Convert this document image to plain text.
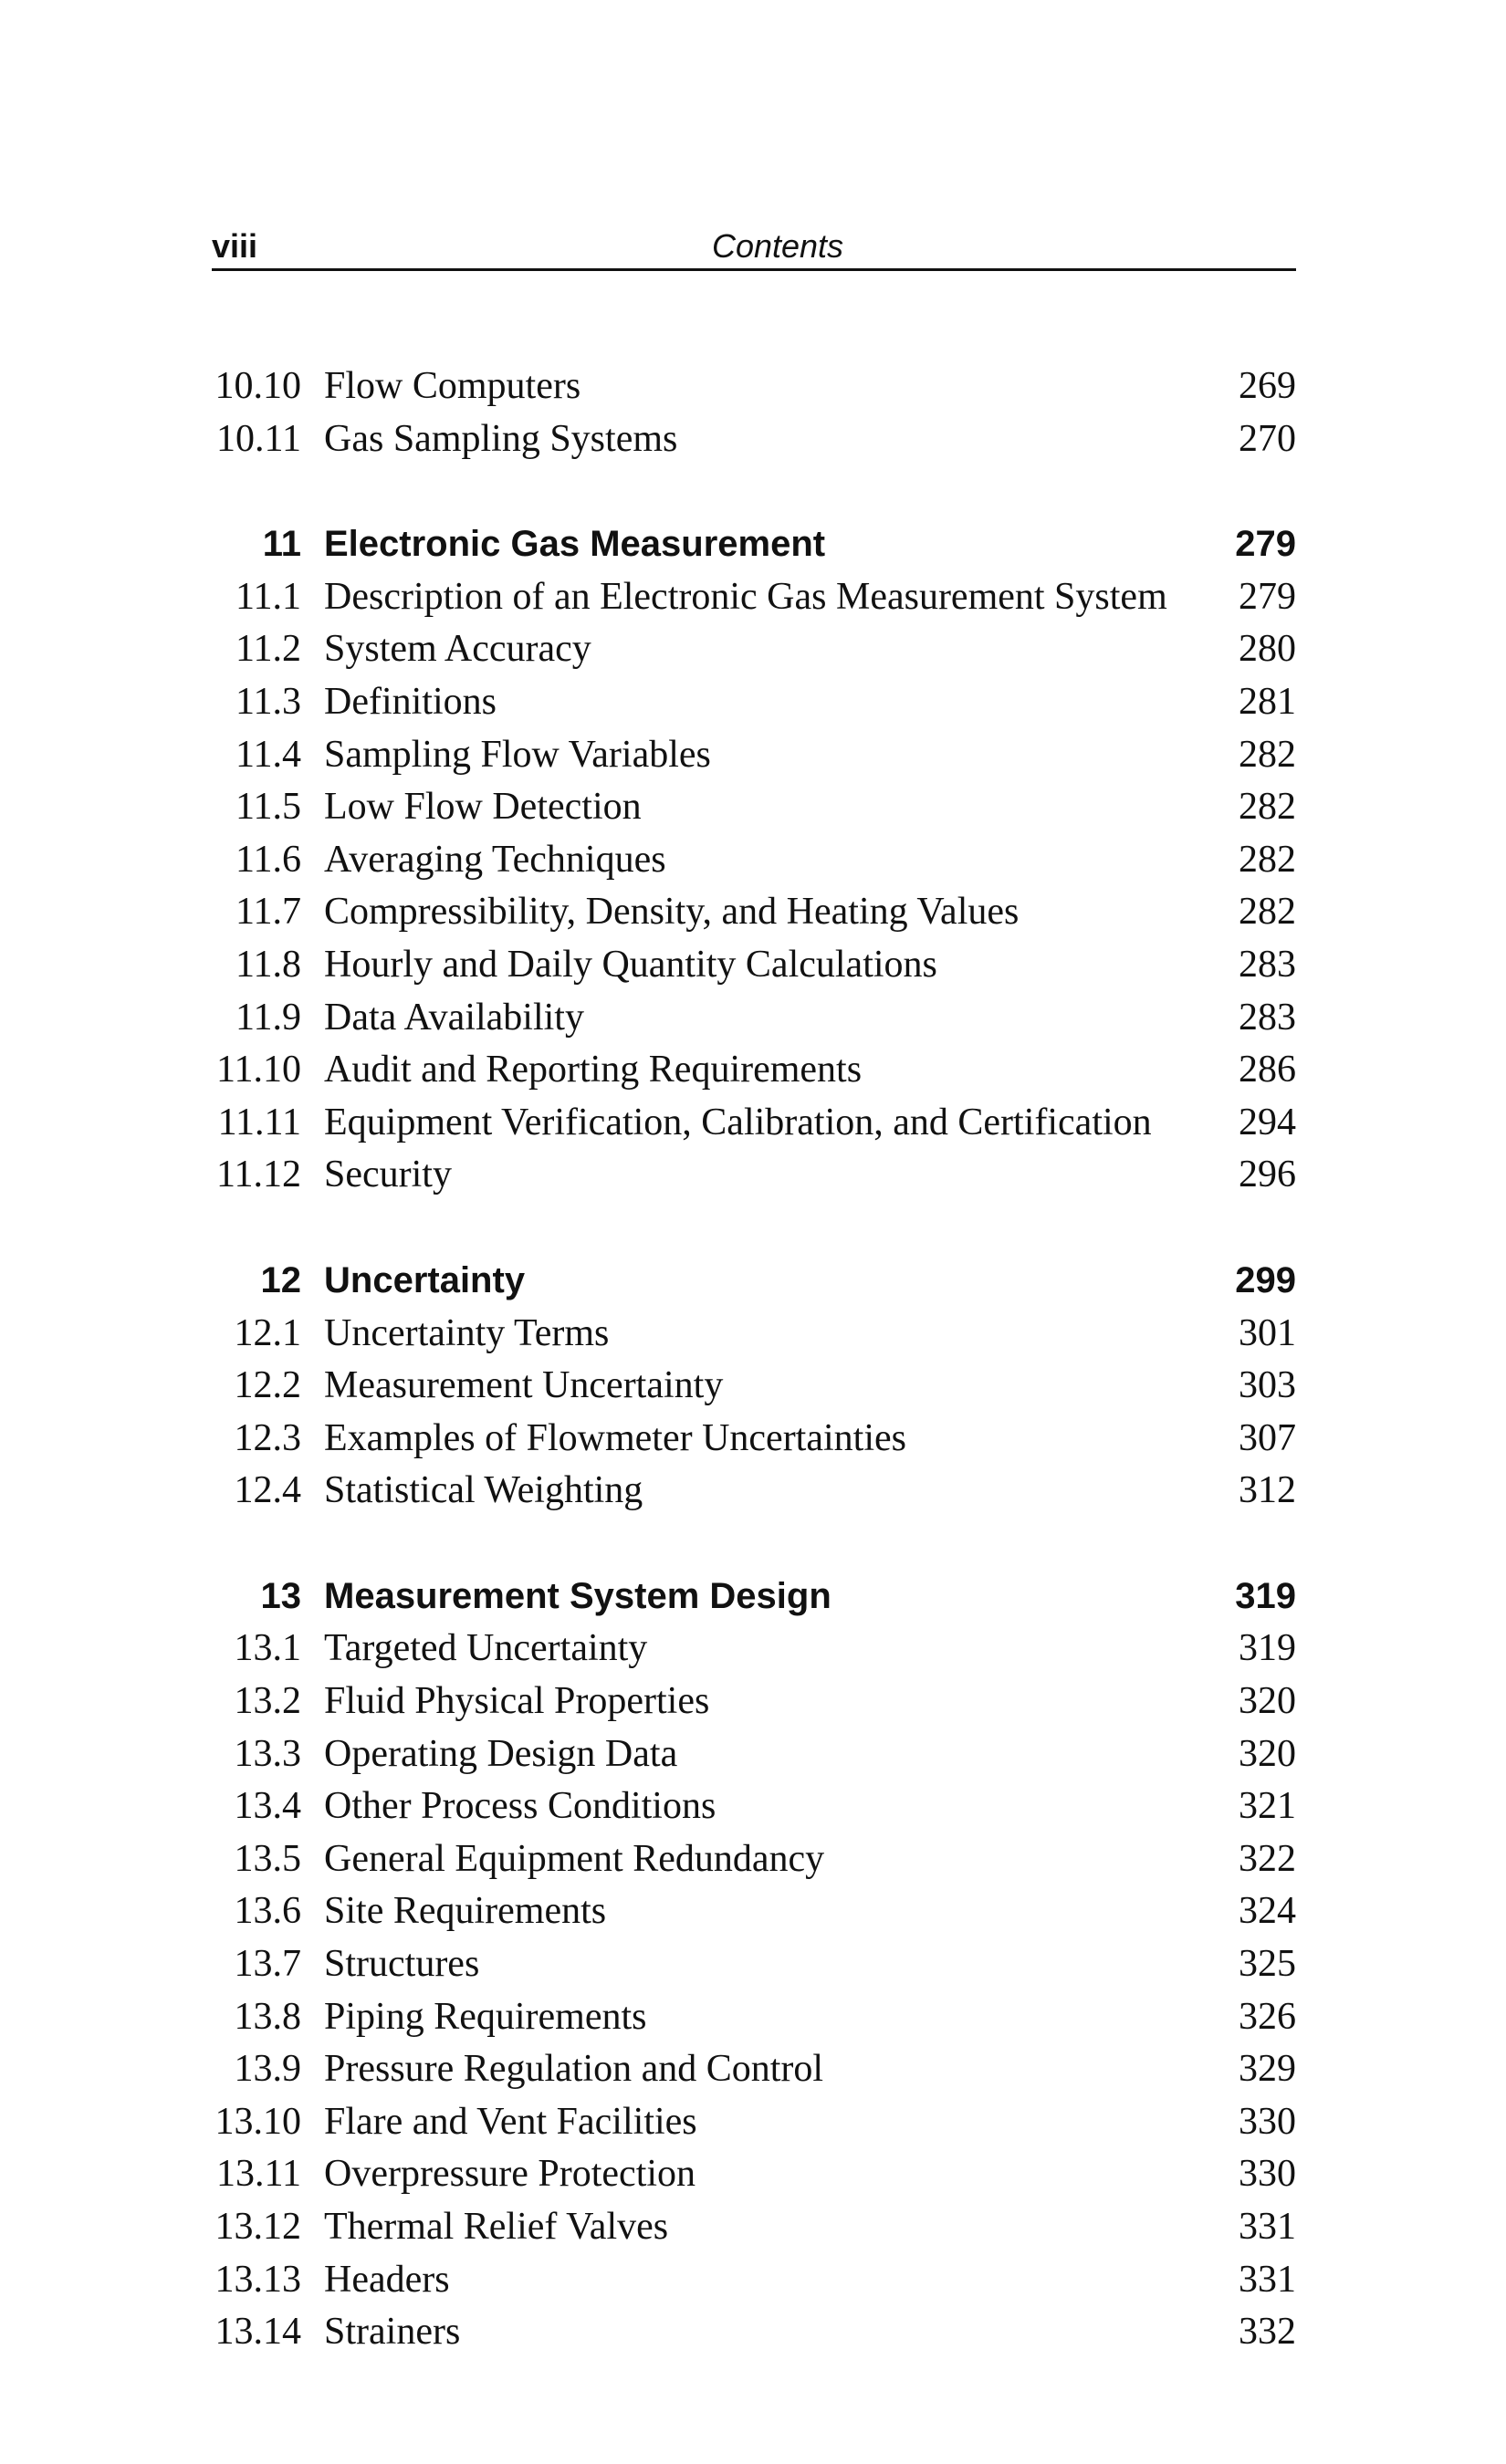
viii	Contents
10.10 Flow Computers	269
10.11 Gas Sampling Systems	270
11 Electronic Gas Measurement	279
11.1 Description of an Electronic Gas Measurement System	279
11.2 System Accuracy	280
11.3 Definitions	281
11.4 Sampling Flow Variables	282
11.5 Low Flow Detection	282
11.6 Averaging Techniques	282
11.7 Compressibility, Density, and Heating Values	282
11.8 Hourly and Daily Quantity Calculations	283
11.9 Data Availability	283
11.10 Audit and Reporting Requirements	286
11.11 Equipment Verification, Calibration, and Certification	294
11.12 Security	296
12 Uncertainty	299
12.1 Uncertainty Terms	301
12.2 Measurement Uncertainty	303
12.3 Examples of Flowmeter Uncertainties	307
12.4 Statistical Weighting	312
13 Measurement System Design	319
13.1 Targeted Uncertainty	319
13.2 Fluid Physical Properties	320
13.3 Operating Design Data	320
13.4 Other Process Conditions	321
13.5 General Equipment Redundancy	322
13.6 Site Requirements	324
13.7 Structures	325
13.8 Piping Requirements	326
13.9 Pressure Regulation and Control	329
13.10 Flare and Vent Facilities	330
13.11 Overpressure Protection	330
13.12 Thermal Relief Valves	331
13.13 Headers	331
13.14 Strainers	332
